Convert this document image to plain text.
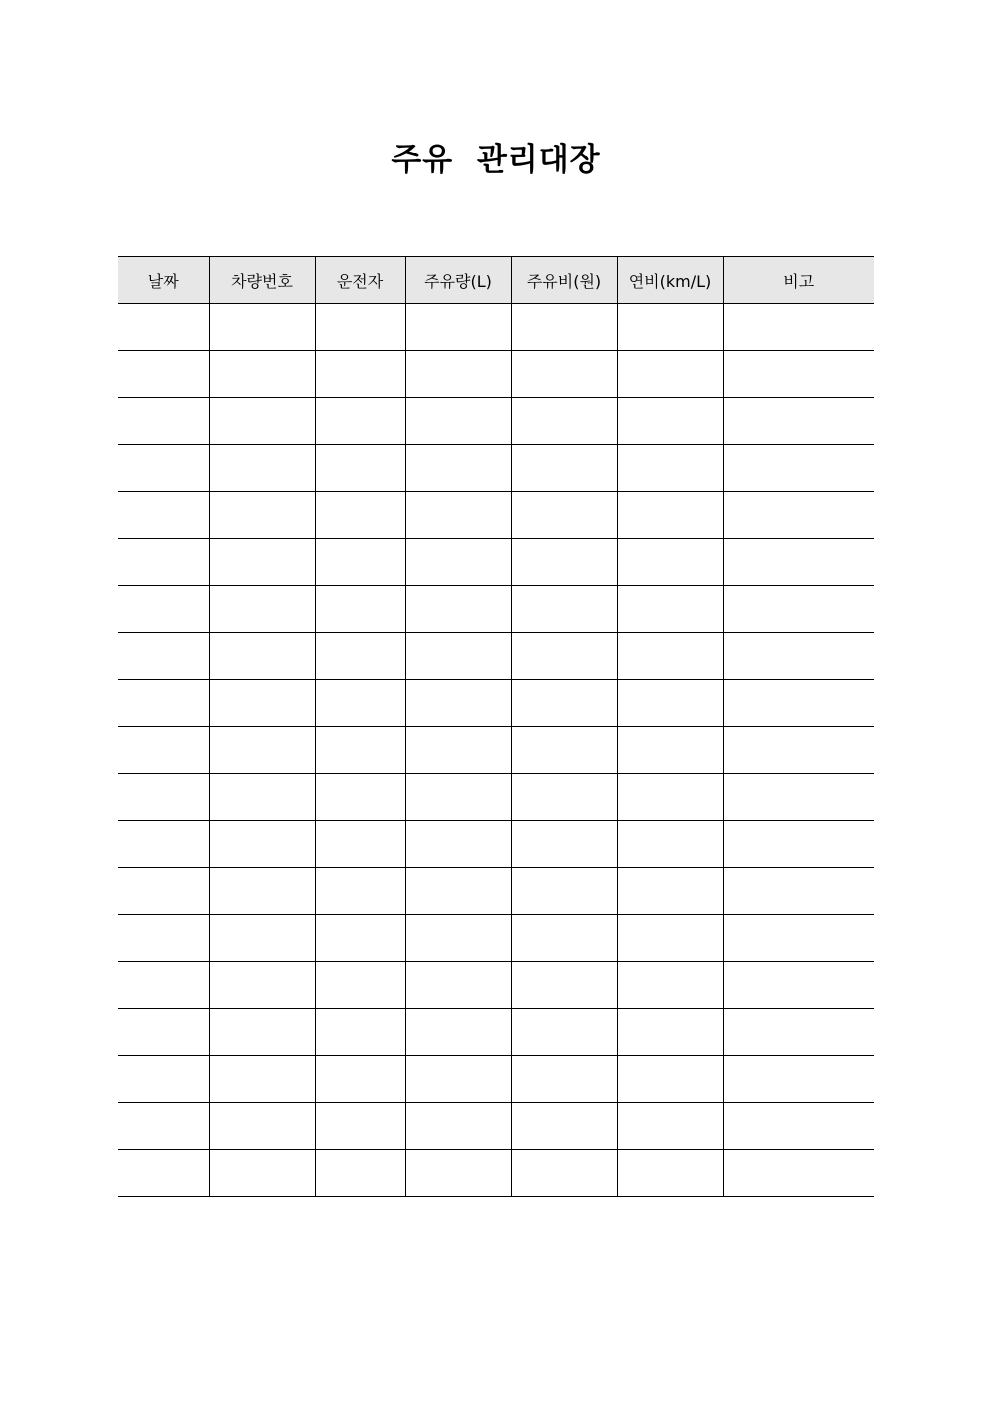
주유  관리대장
날짜	차량번호	운전자	주유량(L)	주유비(원)	연비(km/L)	비고
